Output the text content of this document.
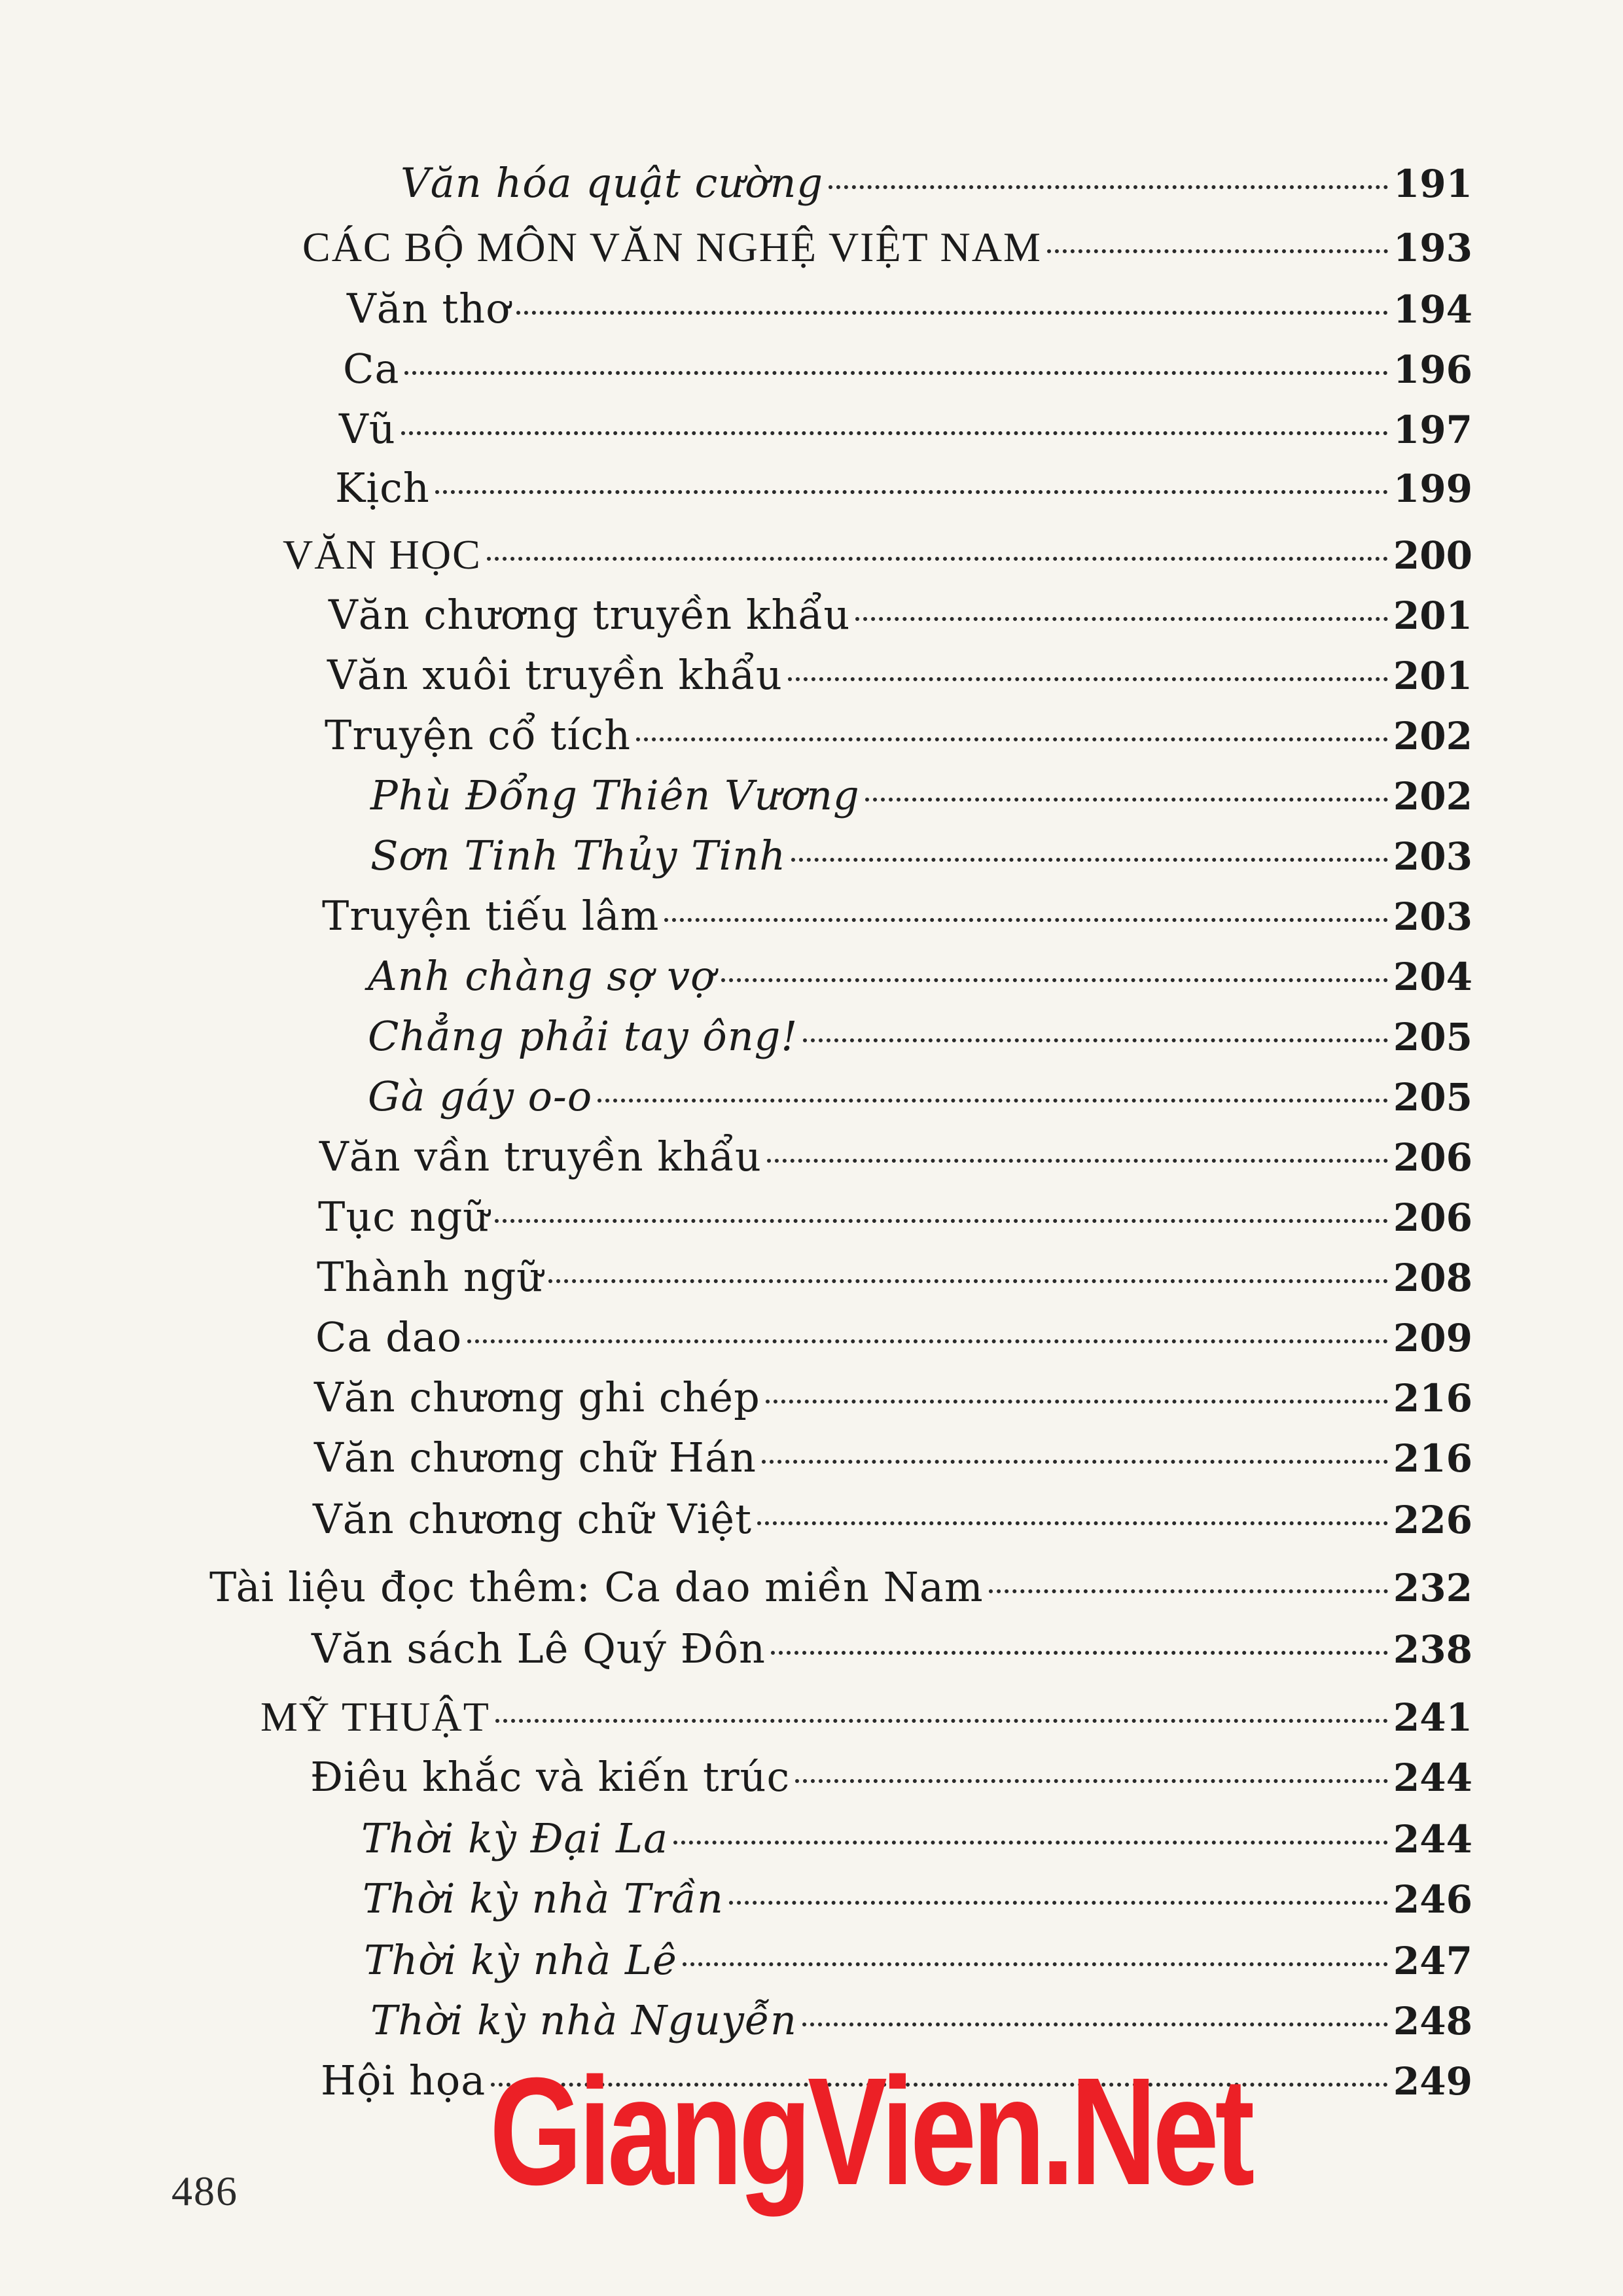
Văn hóa quật cường	191
CÁC BỘ MÔN VĂN NGHỆ VIỆT NAM	193
Văn thơ	194
Ca	196
Vũ	197
Kịch	199
VĂN HỌC	200
Văn chương truyền khẩu	201
Văn xuôi truyền khẩu	201
Truyện cổ tích	202
Phù Đổng Thiên Vương	202
Sơn Tinh Thủy Tinh	203
Truyện tiếu lâm	203
Anh chàng sợ vợ	204
Chẳng phải tay ông!	205
Gà gáy o-o	205
Văn vần truyền khẩu	206
Tục ngữ	206
Thành ngữ	208
Ca dao	209
Văn chương ghi chép	216
Văn chương chữ Hán	216
Văn chương chữ Việt	226
Tài liệu đọc thêm: Ca dao miền Nam	232
Văn sách Lê Quý Đôn	238
MỸ THUẬT	241
Điêu khắc và kiến trúc	244
Thời kỳ Đại La	244
Thời kỳ nhà Trần	246
Thời kỳ nhà Lê	247
Thời kỳ nhà Nguyễn	248
Hội họa	249
486 GiangVien.Net
